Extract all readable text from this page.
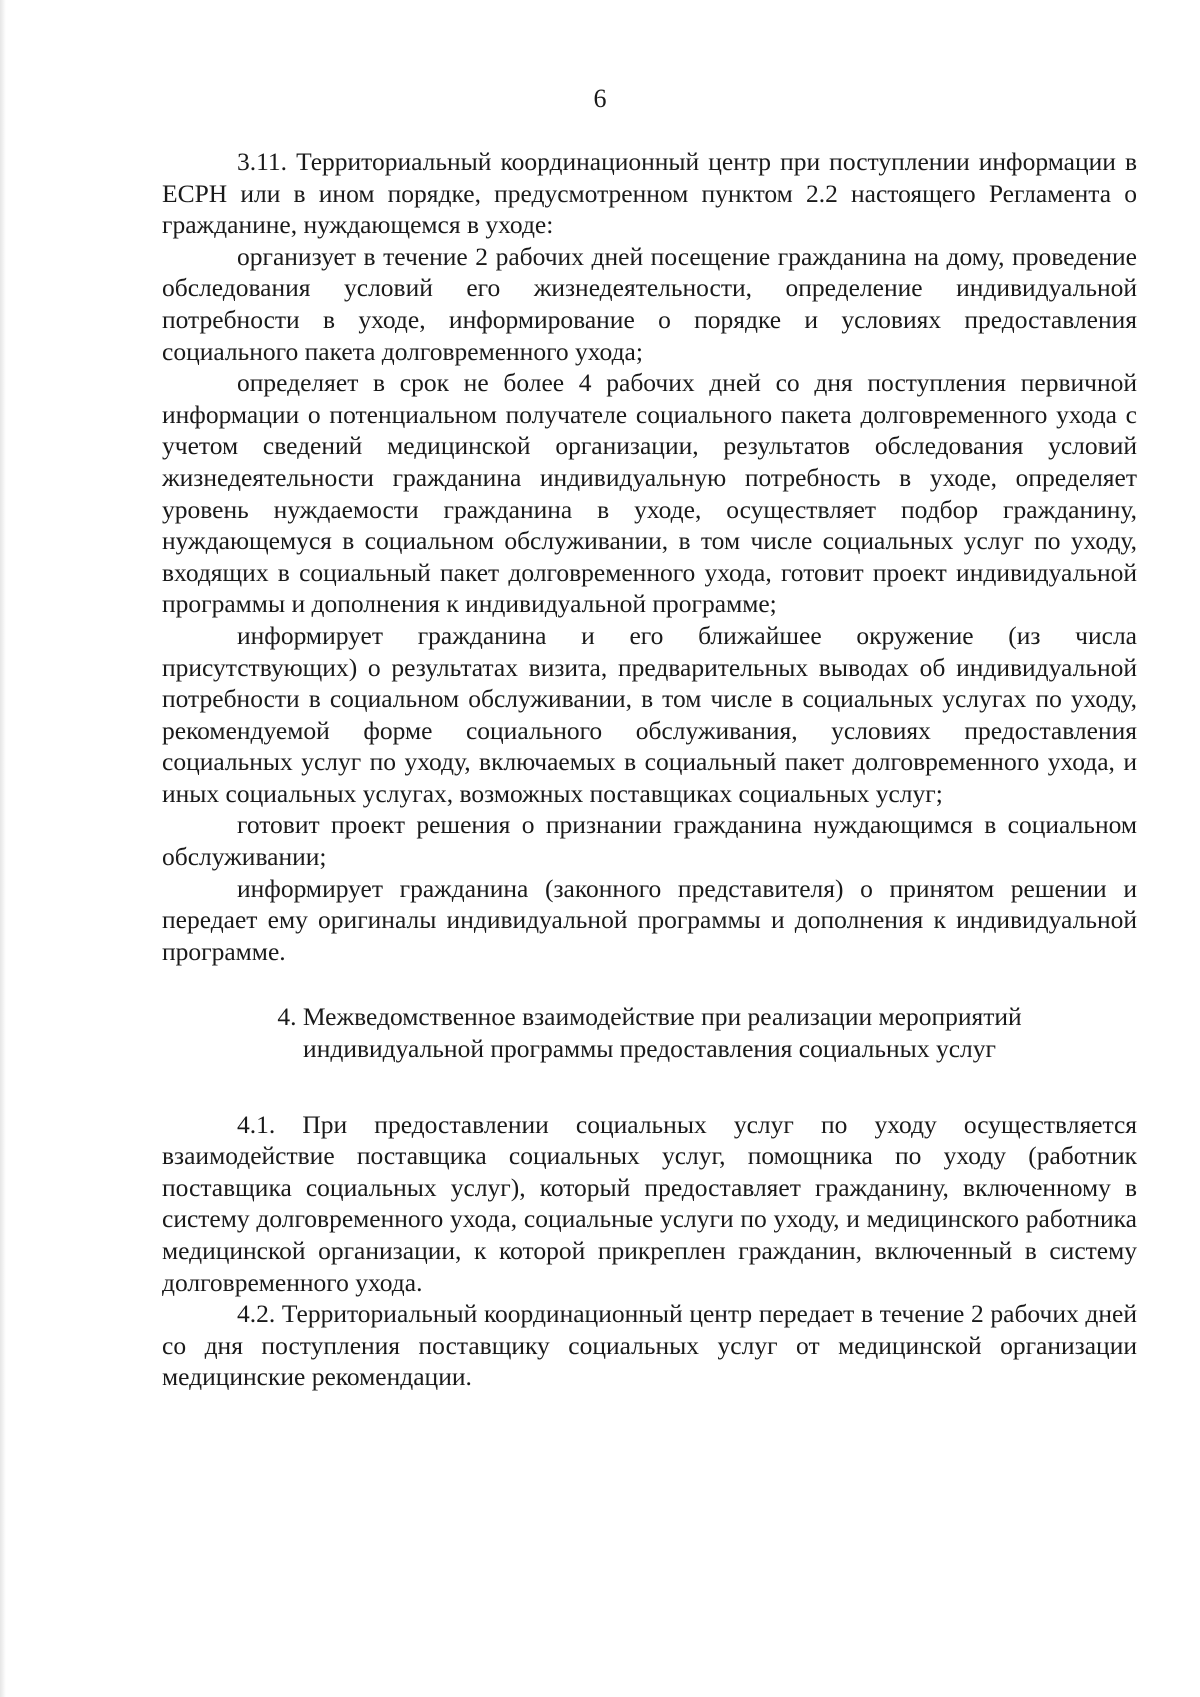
6

3.11. Территориальный координационный центр при поступлении информации в ЕСРН или в ином порядке, предусмотренном пунктом 2.2 настоящего Регламента о гражданине, нуждающемся в уходе:

организует в течение 2 рабочих дней посещение гражданина на дому, проведение обследования условий его жизнедеятельности, определение индивидуальной потребности в уходе, информирование о порядке и условиях предоставления социального пакета долговременного ухода;

определяет в срок не более 4 рабочих дней со дня поступления первичной информации о потенциальном получателе социального пакета долговременного ухода с учетом сведений медицинской организации, результатов обследования условий жизнедеятельности гражданина индивидуальную потребность в уходе, определяет уровень нуждаемости гражданина в уходе, осуществляет подбор гражданину, нуждающемуся в социальном обслуживании, в том числе социальных услуг по уходу, входящих в социальный пакет долговременного ухода, готовит проект индивидуальной программы и дополнения к индивидуальной программе;

информирует гражданина и его ближайшее окружение (из числа присутствующих) о результатах визита, предварительных выводах об индивидуальной потребности в социальном обслуживании, в том числе в социальных услугах по уходу, рекомендуемой форме социального обслуживания, условиях предоставления социальных услуг по уходу, включаемых в социальный пакет долговременного ухода, и иных социальных услугах, возможных поставщиках социальных услуг;

готовит проект решения о признании гражданина нуждающимся в социальном обслуживании;

информирует гражданина (законного представителя) о принятом решении и передает ему оригиналы индивидуальной программы и дополнения к индивидуальной программе.

4. Межведомственное взаимодействие при реализации мероприятий
индивидуальной программы предоставления социальных услуг

4.1. При предоставлении социальных услуг по уходу осуществляется взаимодействие поставщика социальных услуг, помощника по уходу (работник поставщика социальных услуг), который предоставляет гражданину, включенному в систему долговременного ухода, социальные услуги по уходу, и медицинского работника медицинской организации, к которой прикреплен гражданин, включенный в систему долговременного ухода.

4.2. Территориальный координационный центр передает в течение 2 рабочих дней со дня поступления поставщику социальных услуг от медицинской организации медицинские рекомендации.
